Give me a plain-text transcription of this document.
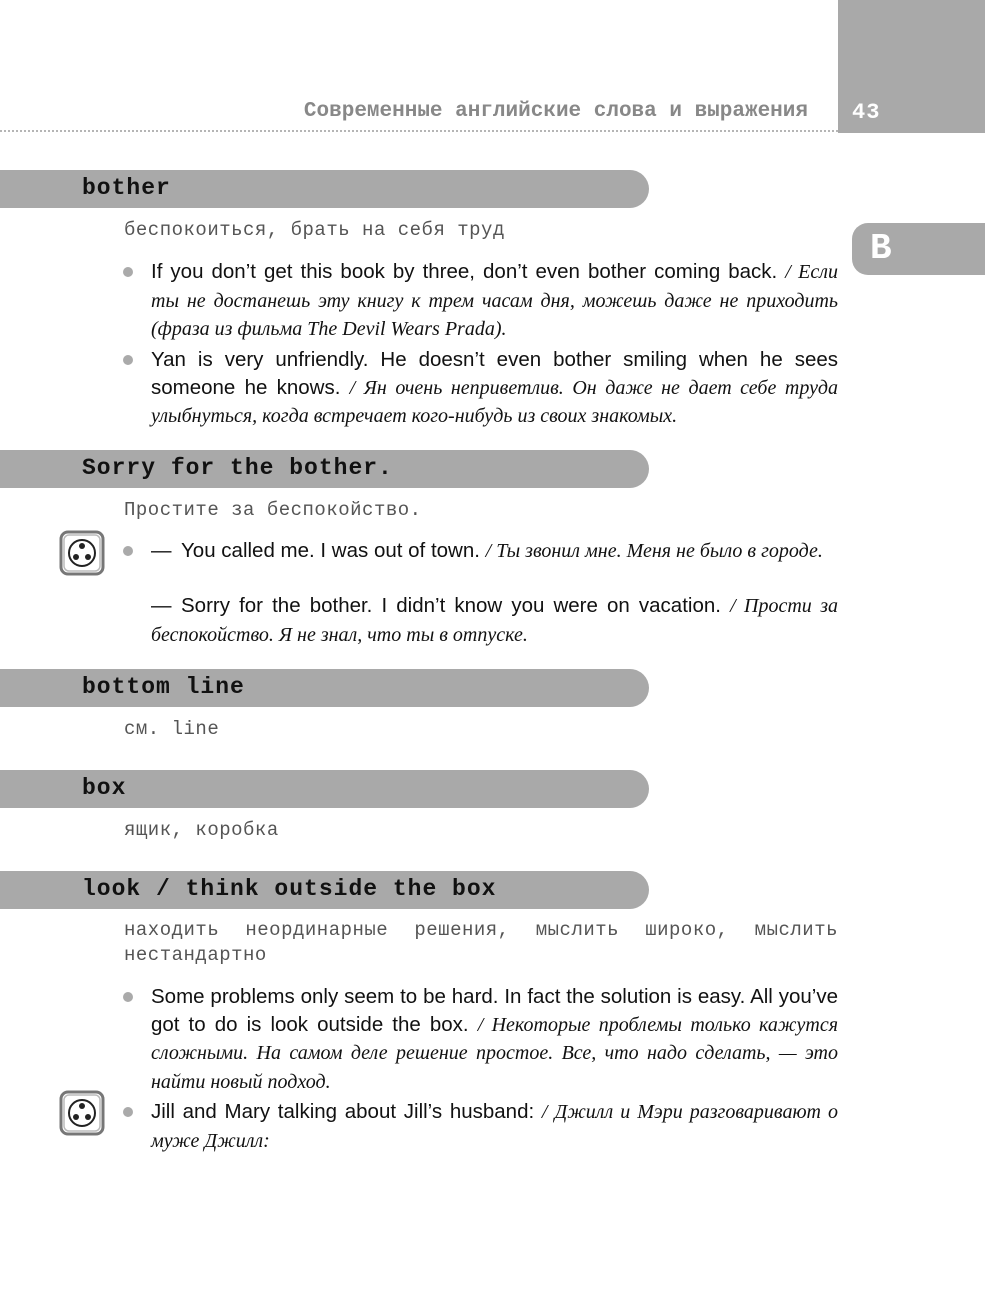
43
Современные английские слова и выражения
B
bother
беспокоиться, брать на себя труд
If you don’t get this book by three, don’t even bother coming back. / Если ты не достанешь эту книгу к трем часам дня, можешь даже не приходить (фраза из фильма The Devil Wears Prada).
Yan is very unfriendly. He doesn’t even bother smiling when he sees someone he knows. / Ян очень неприветлив. Он даже не дает себе труда улыбнуться, когда встречает кого-нибудь из своих знакомых.
Sorry for the bother.
Простите за беспокойство.
— You called me. I was out of town. / Ты звонил мне. Меня не было в городе.
— Sorry for the bother. I didn’t know you were on vacation. / Прости за беспокойство. Я не знал, что ты в отпуске.
bottom line
см. line
box
ящик, коробка
look / think outside the box
находить неординарные решения, мыслить широко, мыслить нестандартно
Some problems only seem to be hard. In fact the solution is easy. All you’ve got to do is look outside the box. / Некоторые проблемы только кажутся сложными. На самом деле решение простое. Все, что надо сделать, — это найти новый подход.
Jill and Mary talking about Jill’s husband: / Джилл и Мэри разговаривают о муже Джилл:
